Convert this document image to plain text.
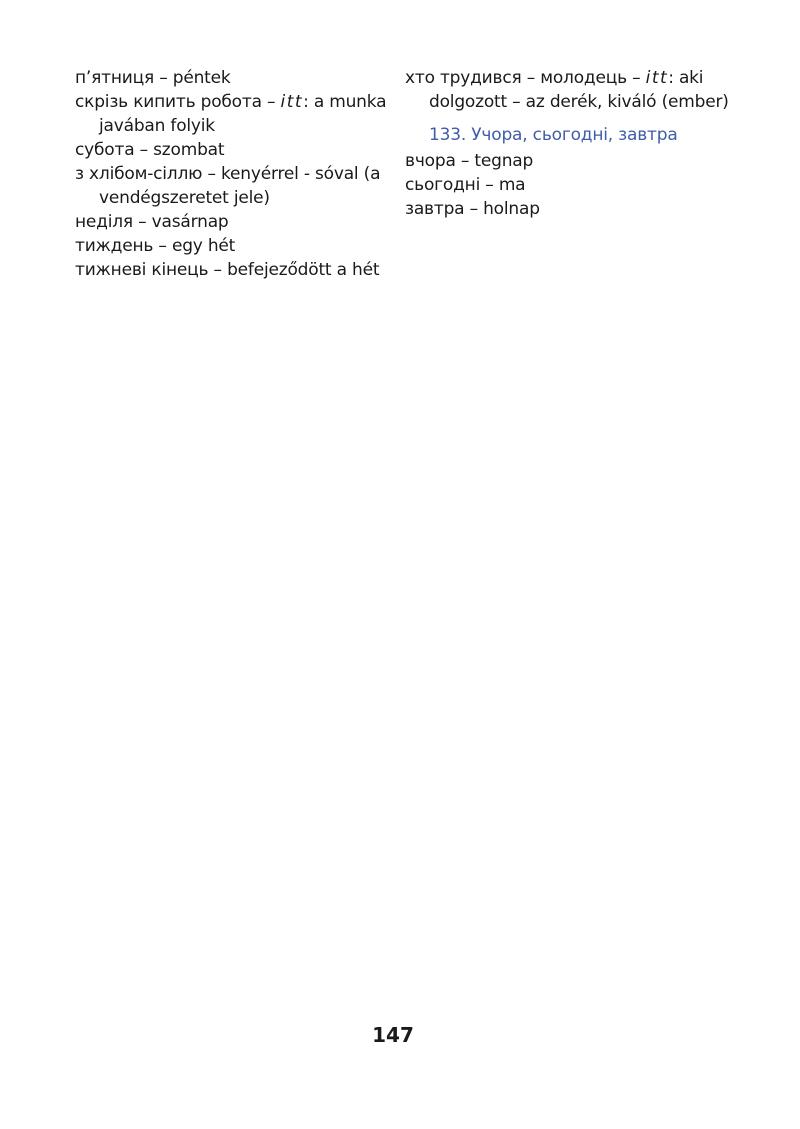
п’ятниця – péntek

скрізь кипить робота – itt: a munka javában folyik

субота – szombat

з хлібом-сіллю – kenyérrel - sóval (a vendégszeretet jele)

неділя – vasárnap

тиждень – egy hét

тижневі кінець – befejeződött a hét

хто трудився – молодець – itt: aki dolgozott – az derék, kiváló (ember)

133. Учора, сьогодні, завтра

вчора – tegnap

сьогодні – ma

завтра – holnap

147
